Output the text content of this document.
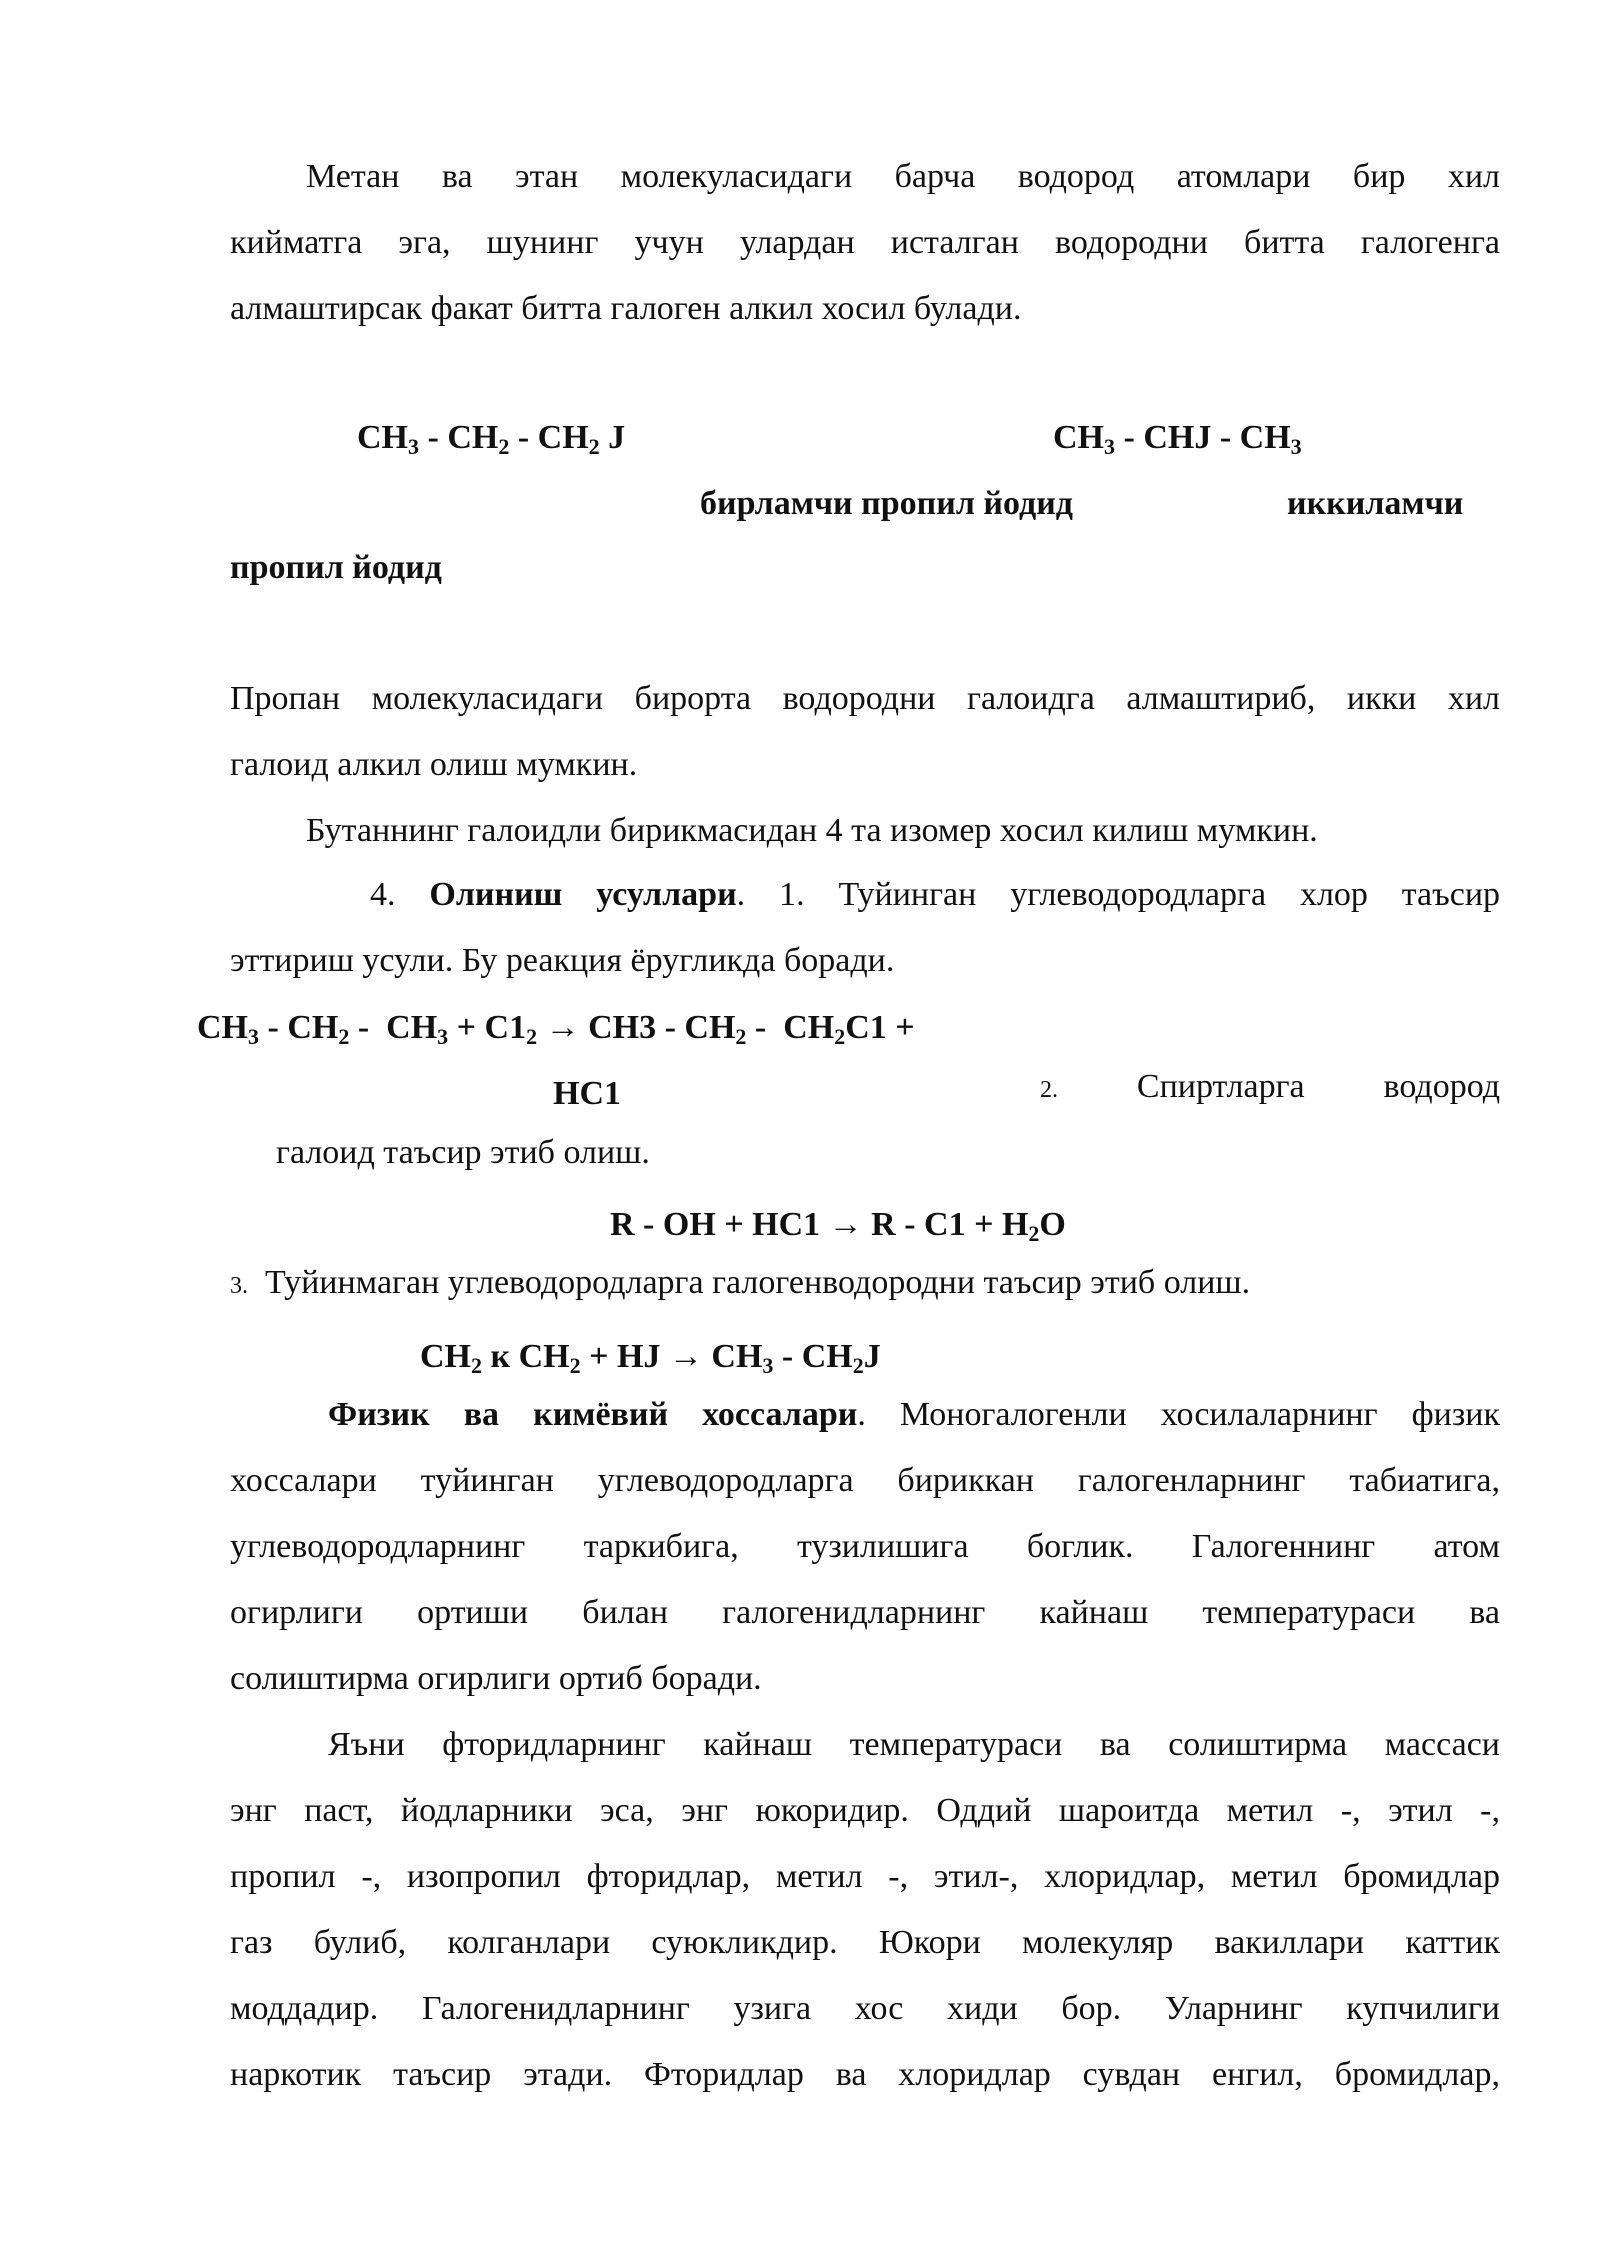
Метан ва этан молекуласидаги барча водород атомлари бир хил
кийматга эга, шунинг учун улардан исталган водородни битта галогенга
алмаштирсак факат битта галоген алкил хосил булади.
CH3 - CH2 - CH2 J	CH3 - CHJ - CH3
бирламчи пропил йодид	иккиламчи
пропил йодид
Пропан молекуласидаги бирорта водородни галоидга алмаштириб, икки хил
галоид алкил олиш мумкин.
Бутаннинг галоидли бирикмасидан 4 та изомер хосил килиш мумкин.
4. Олиниш усуллари. 1. Туйинган углеводородларга хлор таъсир
эттириш усули. Бу реакция ёругликда боради.
CH3 - CH2 -  CH3 + C12 → CH3 - CH2 -  CH2C1 +
HC1	2. Спиртларга водород
галоид таъсир этиб олиш.
R - OH + HC1 → R - C1 + H2O
3. Туйинмаган углеводородларга галогенводородни таъсир этиб олиш.
CH2 к CH2 + HJ → CH3 - CH2J
Физик ва кимёвий хоссалари. Моногалогенли хосилаларнинг физик
хоссалари туйинган углеводородларга бириккан галогенларнинг табиатига,
углеводородларнинг таркибига, тузилишига боглик. Галогеннинг атом
огирлиги ортиши билан галогенидларнинг кайнаш температураси ва
солиштирма огирлиги ортиб боради.
Яъни фторидларнинг кайнаш температураси ва солиштирма массаси
энг паст, йодларники эса, энг юкоридир. Оддий шароитда метил -, этил -,
пропил -, изопропил фторидлар, метил -, этил-, хлоридлар, метил бромидлар
газ булиб, колганлари суюкликдир. Юкори молекуляр вакиллари каттик
моддадир. Галогенидларнинг узига хос хиди бор. Уларнинг купчилиги
наркотик таъсир этади. Фторидлар ва хлоридлар сувдан енгил, бромидлар,
